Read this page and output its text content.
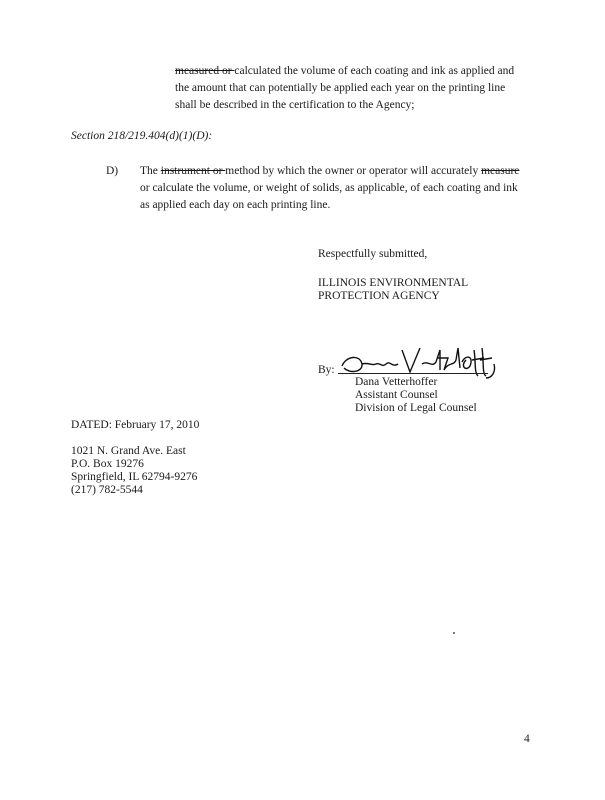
measured or calculated the volume of each coating and ink as applied and
the amount that can potentially be applied each year on the printing line
shall be described in the certification to the Agency;
Section 218/219.404(d)(1)(D):
D) The instrument or method by which the owner or operator will accurately measure
or calculate the volume, or weight of solids, as applicable, of each coating and ink
as applied each day on each printing line.
Respectfully submitted,
ILLINOIS ENVIRONMENTAL
PROTECTION AGENCY
By:
Dana Vetterhoffer
Assistant Counsel
Division of Legal Counsel
DATED: February 17, 2010
1021 N. Grand Ave. East
P.O. Box 19276
Springfield, IL 62794-9276
(217) 782-5544
4
